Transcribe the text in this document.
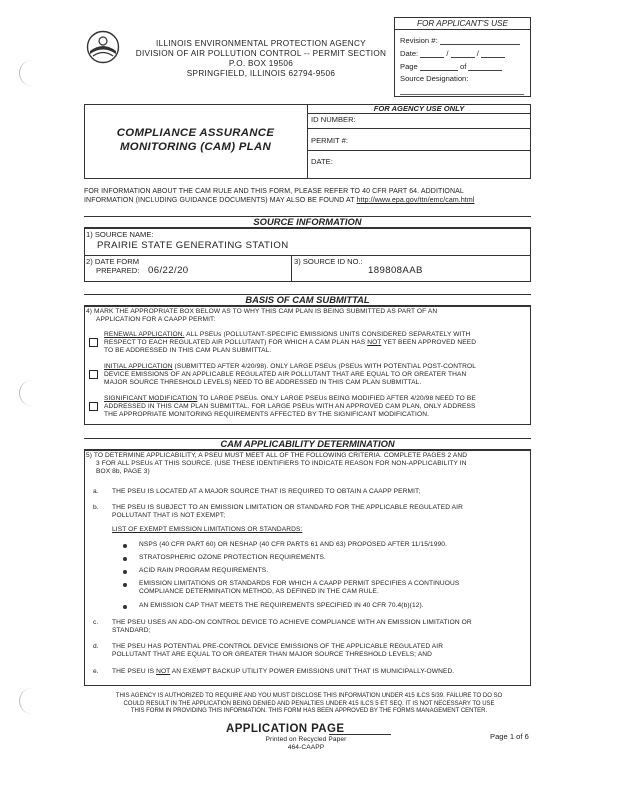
ILLINOIS ENVIRONMENTAL PROTECTION AGENCY
DIVISION OF AIR POLLUTION CONTROL -- PERMIT SECTION
P.O. BOX 19506
SPRINGFIELD, ILLINOIS 62794-9506
FOR APPLICANT'S USE
Revision #:
Date:	/	/
Page	of
Source Designation:
COMPLIANCE ASSURANCE
MONITORING (CAM) PLAN
FOR AGENCY USE ONLY
ID NUMBER:
PERMIT #:
DATE:
FOR INFORMATION ABOUT THE CAM RULE AND THIS FORM, PLEASE REFER TO 40 CFR PART 64. ADDITIONAL
INFORMATION (INCLUDING GUIDANCE DOCUMENTS) MAY ALSO BE FOUND AT http://www.epa.gov/ttn/emc/cam.html
SOURCE INFORMATION
1) SOURCE NAME:
PRAIRIE STATE GENERATING STATION
2) DATE FORM
PREPARED: 06/22/20
3) SOURCE ID NO.:
189808AAB
BASIS OF CAM SUBMITTAL
4) MARK THE APPROPRIATE BOX BELOW AS TO WHY THIS CAM PLAN IS BEING SUBMITTED AS PART OF AN
APPLICATION FOR A CAAPP PERMIT:
RENEWAL APPLICATION. ALL PSEUs (POLLUTANT-SPECIFIC EMISSIONS UNITS CONSIDERED SEPARATELY WITH
RESPECT TO EACH REGULATED AIR POLLUTANT) FOR WHICH A CAM PLAN HAS NOT YET BEEN APPROVED NEED
TO BE ADDRESSED IN THIS CAM PLAN SUBMITTAL.
INITIAL APPLICATION (SUBMITTED AFTER 4/20/98). ONLY LARGE PSEUs (PSEUs WITH POTENTIAL POST-CONTROL
DEVICE EMISSIONS OF AN APPLICABLE REGULATED AIR POLLUTANT THAT ARE EQUAL TO OR GREATER THAN
MAJOR SOURCE THRESHOLD LEVELS) NEED TO BE ADDRESSED IN THIS CAM PLAN SUBMITTAL.
SIGNIFICANT MODIFICATION TO LARGE PSEUs. ONLY LARGE PSEUs BEING MODIFIED AFTER 4/20/98 NEED TO BE
ADDRESSED IN THIS CAM PLAN SUBMITTAL. FOR LARGE PSEUs WITH AN APPROVED CAM PLAN, ONLY ADDRESS
THE APPROPRIATE MONITORING REQUIREMENTS AFFECTED BY THE SIGNIFICANT MODIFICATION.
CAM APPLICABILITY DETERMINATION
5) TO DETERMINE APPLICABILITY, A PSEU MUST MEET ALL OF THE FOLLOWING CRITERIA. COMPLETE PAGES 2 AND
3 FOR ALL PSEUs AT THIS SOURCE. (USE THESE IDENTIFIERS TO INDICATE REASON FOR NON-APPLICABILITY IN
BOX 8b, PAGE 3)
a. THE PSEU IS LOCATED AT A MAJOR SOURCE THAT IS REQUIRED TO OBTAIN A CAAPP PERMIT;
b. THE PSEU IS SUBJECT TO AN EMISSION LIMITATION OR STANDARD FOR THE APPLICABLE REGULATED AIR
POLLUTANT THAT IS NOT EXEMPT;
LIST OF EXEMPT EMISSION LIMITATIONS OR STANDARDS:
NSPS (40 CFR PART 60) OR NESHAP (40 CFR PARTS 61 AND 63) PROPOSED AFTER 11/15/1990.
STRATOSPHERIC OZONE PROTECTION REQUIREMENTS.
ACID RAIN PROGRAM REQUIREMENTS.
EMISSION LIMITATIONS OR STANDARDS FOR WHICH A CAAPP PERMIT SPECIFIES A CONTINUOUS
COMPLIANCE DETERMINATION METHOD, AS DEFINED IN THE CAM RULE.
AN EMISSION CAP THAT MEETS THE REQUIREMENTS SPECIFIED IN 40 CFR 70.4(b)(12).
c. THE PSEU USES AN ADD-ON CONTROL DEVICE TO ACHIEVE COMPLIANCE WITH AN EMISSION LIMITATION OR
STANDARD;
d. THE PSEU HAS POTENTIAL PRE-CONTROL DEVICE EMISSIONS OF THE APPLICABLE REGULATED AIR
POLLUTANT THAT ARE EQUAL TO OR GREATER THAN MAJOR SOURCE THRESHOLD LEVELS; AND
e. THE PSEU IS NOT AN EXEMPT BACKUP UTILITY POWER EMISSIONS UNIT THAT IS MUNICIPALLY-OWNED.
THIS AGENCY IS AUTHORIZED TO REQUIRE AND YOU MUST DISCLOSE THIS INFORMATION UNDER 415 ILCS 5/39. FAILURE TO DO SO
COULD RESULT IN THE APPLICATION BEING DENIED AND PENALTIES UNDER 415 ILCS 5 ET SEQ. IT IS NOT NECESSARY TO USE
THIS FORM IN PROVIDING THIS INFORMATION. THIS FORM HAS BEEN APPROVED BY THE FORMS MANAGEMENT CENTER.
APPLICATION PAGE
Printed on Recycled Paper
464-CAAPP
Page 1 of 6
